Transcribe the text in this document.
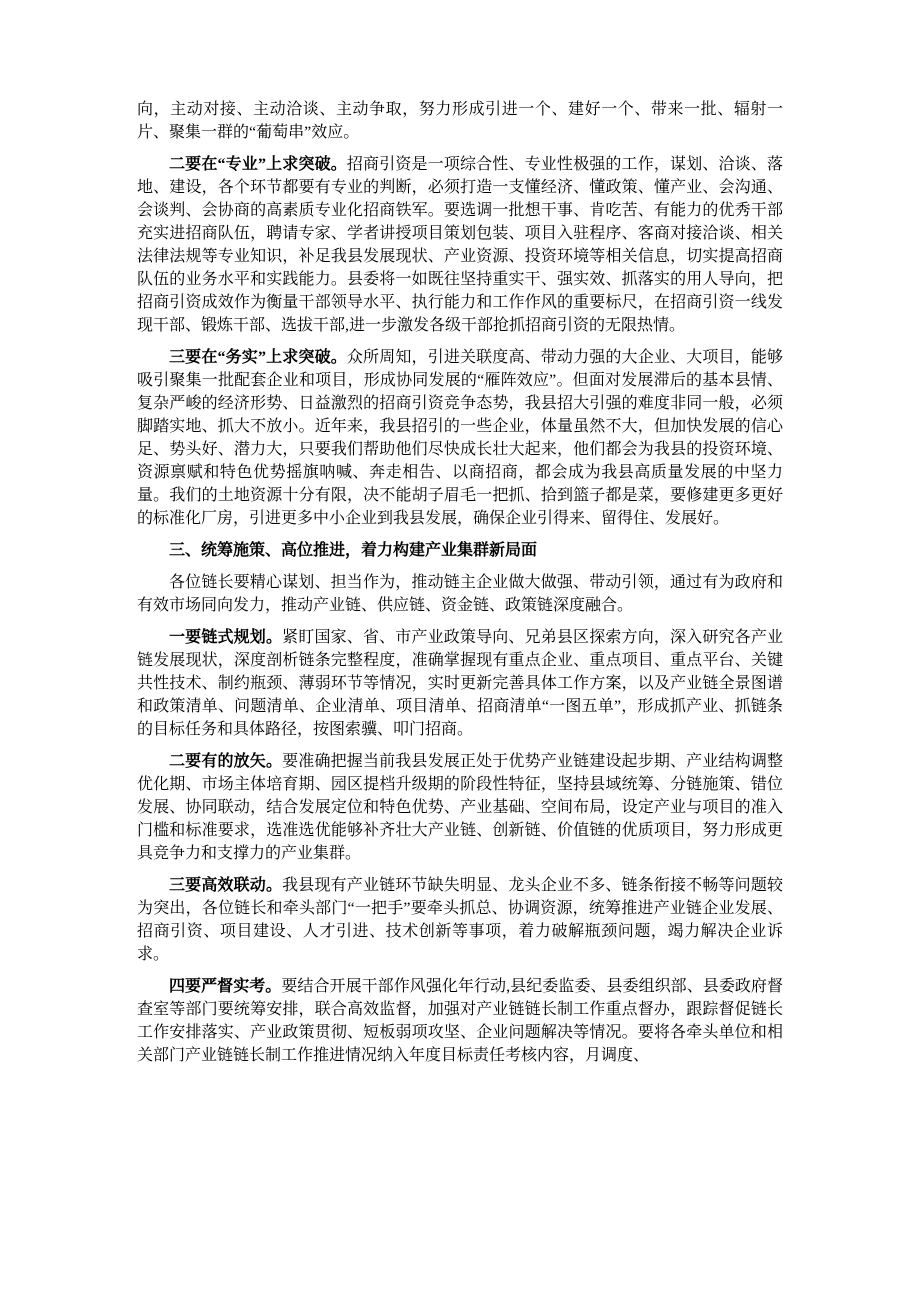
向，主动对接、主动洽谈、主动争取，努力形成引进一个、建好一个、带来一批、辐射一片、聚集一群的“葡萄串”效应。

二要在“专业”上求突破。招商引资是一项综合性、专业性极强的工作，谋划、洽谈、落地、建设，各个环节都要有专业的判断，必须打造一支懂经济、懂政策、懂产业、会沟通、会谈判、会协商的高素质专业化招商铁军。要选调一批想干事、肯吃苦、有能力的优秀干部充实进招商队伍，聘请专家、学者讲授项目策划包装、项目入驻程序、客商对接洽谈、相关法律法规等专业知识，补足我县发展现状、产业资源、投资环境等相关信息，切实提高招商队伍的业务水平和实践能力。县委将一如既往坚持重实干、强实效、抓落实的用人导向，把招商引资成效作为衡量干部领导水平、执行能力和工作作风的重要标尺，在招商引资一线发现干部、锻炼干部、选拔干部,进一步激发各级干部抢抓招商引资的无限热情。

三要在“务实”上求突破。众所周知，引进关联度高、带动力强的大企业、大项目，能够吸引聚集一批配套企业和项目，形成协同发展的“雁阵效应”。但面对发展滞后的基本县情、复杂严峻的经济形势、日益激烈的招商引资竞争态势，我县招大引强的难度非同一般，必须脚踏实地、抓大不放小。近年来，我县招引的一些企业，体量虽然不大，但加快发展的信心足、势头好、潜力大，只要我们帮助他们尽快成长壮大起来，他们都会为我县的投资环境、资源禀赋和特色优势摇旗呐喊、奔走相告、以商招商，都会成为我县高质量发展的中坚力量。我们的土地资源十分有限，决不能胡子眉毛一把抓、拾到篮子都是菜，要修建更多更好的标准化厂房，引进更多中小企业到我县发展，确保企业引得来、留得住、发展好。

三、统筹施策、高位推进，着力构建产业集群新局面

各位链长要精心谋划、担当作为，推动链主企业做大做强、带动引领，通过有为政府和有效市场同向发力，推动产业链、供应链、资金链、政策链深度融合。

一要链式规划。紧盯国家、省、市产业政策导向、兄弟县区探索方向，深入研究各产业链发展现状，深度剖析链条完整程度，准确掌握现有重点企业、重点项目、重点平台、关键共性技术、制约瓶颈、薄弱环节等情况，实时更新完善具体工作方案，以及产业链全景图谱和政策清单、问题清单、企业清单、项目清单、招商清单“一图五单”，形成抓产业、抓链条的目标任务和具体路径，按图索骥、叩门招商。

二要有的放矢。要准确把握当前我县发展正处于优势产业链建设起步期、产业结构调整优化期、市场主体培育期、园区提档升级期的阶段性特征，坚持县域统筹、分链施策、错位发展、协同联动，结合发展定位和特色优势、产业基础、空间布局，设定产业与项目的准入门槛和标准要求，选准选优能够补齐壮大产业链、创新链、价值链的优质项目，努力形成更具竞争力和支撑力的产业集群。

三要高效联动。我县现有产业链环节缺失明显、龙头企业不多、链条衔接不畅等问题较为突出，各位链长和牵头部门“一把手”要牵头抓总、协调资源，统筹推进产业链企业发展、招商引资、项目建设、人才引进、技术创新等事项，着力破解瓶颈问题，竭力解决企业诉求。

四要严督实考。要结合开展干部作风强化年行动,县纪委监委、县委组织部、县委政府督查室等部门要统筹安排，联合高效监督，加强对产业链链长制工作重点督办，跟踪督促链长工作安排落实、产业政策贯彻、短板弱项攻坚、企业问题解决等情况。要将各牵头单位和相关部门产业链链长制工作推进情况纳入年度目标责任考核内容，月调度、
